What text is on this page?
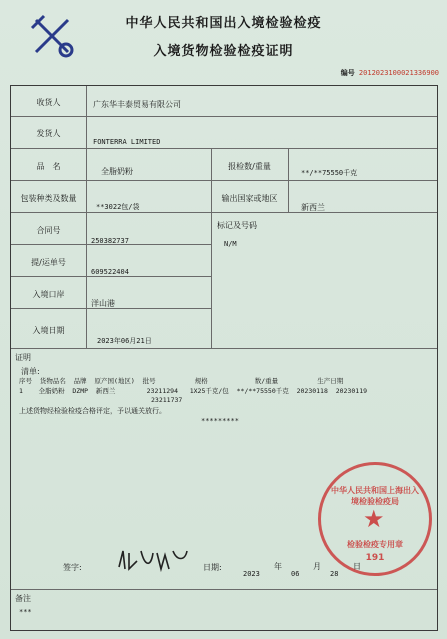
中华人民共和国出入境检验检疫
入境货物检验检疫证明
编号 2012023100021336900
收货人	广东华丰泰贸易有限公司
发货人
FONTERRA LIMITED
品　名
全脂奶粉
报检数/重量
**/**75550千克
包装种类及数量
**3022包/袋
输出国家或地区
新西兰
合同号
250382737
标记及号码
N/M
提/运单号
609522404
入境口岸
洋山港
入境日期
2023年06月21日
证明
清单:
序号  货物品名  品牌  原产国(地区)  批号          规格            数/重量          生产日期
1    全脂奶粉  DZMP  新西兰        23211294   1X25千克/包  **/**75550千克  20230118  20230119
23211737
上述货物经检验检疫合格评定，予以通关放行。
*********
签字:	日期:
2023
年
06
月
28
日
备注
***
中华人民共和国上海出入境检验检疫局
★
检验检疫专用章
191
